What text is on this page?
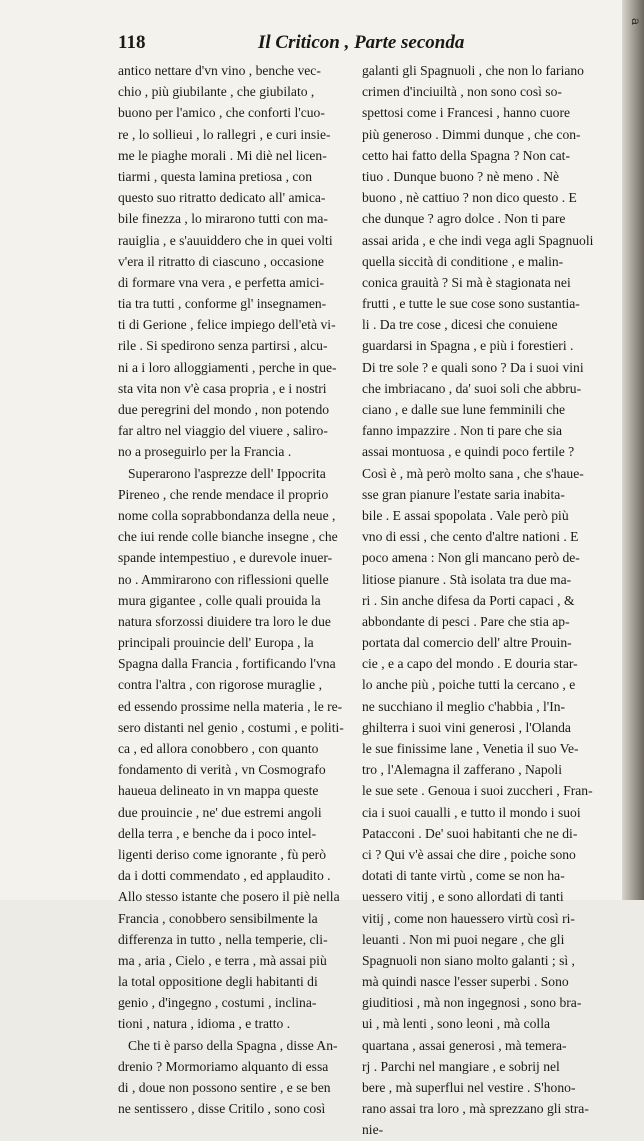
118	Il Criticon , Parte seconda
antico nettare d'vn vino , benche vec-
chio , più giubilante , che giubilato ,
buono per l'amico , che conforti l'cuo-
re , lo sollieui , lo rallegri , e curi insie-
me le piaghe morali . Mi diè nel licen-
tiarmi , questa lamina pretiosa , con
questo suo ritratto dedicato all' amica-
bile finezza , lo mirarono tutti con ma-
rauiglia , e s'auuiddero che in quei volti
v'era il ritratto di ciascuno , occasione
di formare vna vera , e perfetta amici-
tia tra tutti , conforme gl' insegnamen-
ti di Gerione , felice impiego dell'età vi-
rile . Si spedirono senza partirsi , alcu-
ni a i loro alloggiamenti , perche in que-
sta vita non v'è casa propria , e i nostri
due peregrini del mondo , non potendo
far altro nel viaggio del viuere , saliro-
no a proseguirlo per la Francia .
Superarono l'asprezze dell' Ippocrita
Pireneo , che rende mendace il proprio
nome colla soprabbondanza della neue ,
che iui rende colle bianche insegne , che
spande intempestiuo , e durevole inuer-
no . Ammirarono con riflessioni quelle
mura gigantee , colle quali prouida la
natura sforzossi diuidere tra loro le due
principali prouincie dell' Europa , la
Spagna dalla Francia , fortificando l'vna
contra l'altra , con rigorose muraglie ,
ed essendo prossime nella materia , le re-
sero distanti nel genio , costumi , e politi-
ca , ed allora conobbero , con quanto
fondamento di verità , vn Cosmografo
haueua delineato in vn mappa queste
due prouincie , ne' due estremi angoli
della terra , e benche da i poco intel-
ligenti deriso come ignorante , fù però
da i dotti commendato , ed applaudito .
Allo stesso istante che posero il piè nella
Francia , conobbero sensibilmente la
differenza in tutto , nella temperie, cli-
ma , aria , Cielo , e terra , mà assai più
la total oppositione degli habitanti di
genio , d'ingegno , costumi , inclina-
tioni , natura , idioma , e tratto .
Che ti è parso della Spagna , disse An-
drenio ? Mormoriamo alquanto di essa
di , doue non possono sentire , e se ben
ne sentissero , disse Critilo , sono così
galanti gli Spagnuoli , che non lo fariano
crimen d'inciuiltà , non sono così so-
spettosi come i Francesi , hanno cuore
più generoso . Dimmi dunque , che con-
cetto hai fatto della Spagna ? Non cat-
tiuo . Dunque buono ? nè meno . Nè
buono , nè cattiuo ? non dico questo . E
che dunque ? agro dolce . Non ti pare
assai arida , e che indi vega agli Spagnuoli
quella siccità di conditione , e malin-
conica grauità ? Si mà è stagionata nei
frutti , e tutte le sue cose sono sustantia-
li . Da tre cose , dicesi che conuiene
guardarsi in Spagna , e più i forestieri .
Di tre sole ? e quali sono ? Da i suoi vini
che imbriacano , da' suoi soli che abbru-
ciano , e dalle sue lune femminili che
fanno impazzire . Non ti pare che sia
assai montuosa , e quindi poco fertile ?
Così è , mà però molto sana , che s'haue-
sse gran pianure l'estate saria inabita-
bile . E assai spopolata . Vale però più
vno di essi , che cento d'altre nationi . E
poco amena : Non gli mancano però de-
litiose pianure . Stà isolata tra due ma-
ri . Sin anche difesa da Porti capaci , &
abbondante di pesci . Pare che stia ap-
portata dal comercio dell' altre Prouin-
cie , e a capo del mondo . E douria star-
lo anche più , poiche tutti la cercano , e
ne succhiano il meglio c'habbia , l'In-
ghilterra i suoi vini generosi , l'Olanda
le sue finissime lane , Venetia il suo Ve-
tro , l'Alemagna il zafferano , Napoli
le sue sete . Genoua i suoi zuccheri , Fran-
cia i suoi caualli , e tutto il mondo i suoi
Patacconi . De' suoi habitanti che ne di-
ci ? Qui v'è assai che dire , poiche sono
dotati di tante virtù , come se non ha-
uessero vitij , e sono allordati di tanti
vitij , come non hauessero virtù così ri-
leuanti . Non mi puoi negare , che gli
Spagnuoli non siano molto galanti ; sì ,
mà quindi nasce l'esser superbi . Sono
giuditiosi , mà non ingegnosi , sono bra-
ui , mà lenti , sono leoni , mà colla
quartana , assai generosi , mà temera-
rj . Parchi nel mangiare , e sobrij nel
bere , mà superflui nel vestire . S'hono-
rano assai tra loro , mà sprezzano gli stra-
nie-
a
